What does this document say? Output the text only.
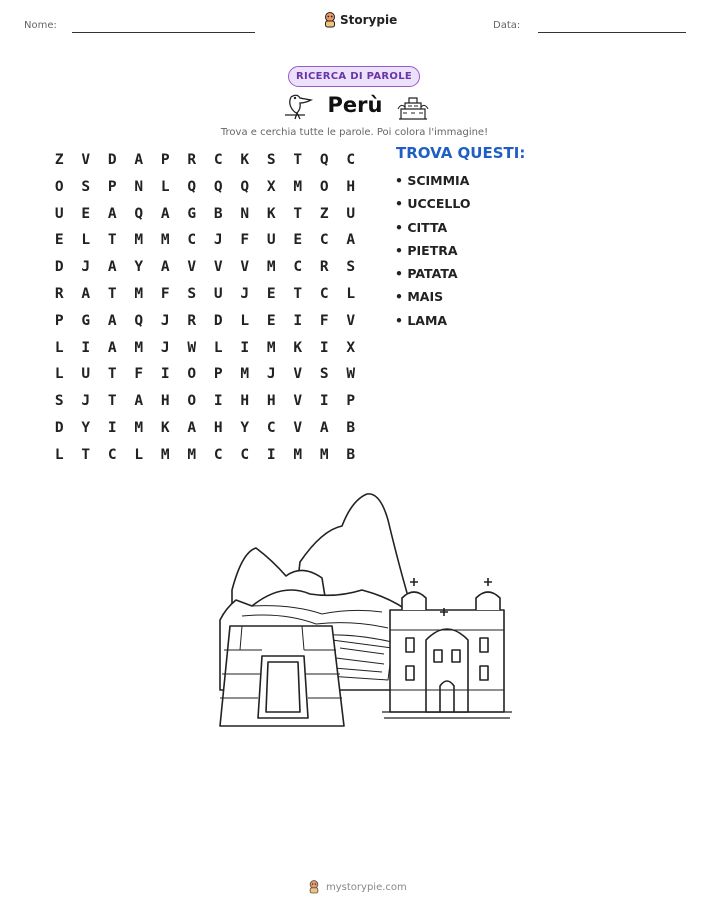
Nome:	Storypie	Data:
RICERCA DI PAROLE
Perù
Trova e cerchia tutte le parole. Poi colora l'immagine!
Z	V	D	A	P	R	C	K	S	T	Q	C
O	S	P	N	L	Q	Q	Q	X	M	O	H
U	E	A	Q	A	G	B	N	K	T	Z	U
E	L	T	M	M	C	J	F	U	E	C	A
D	J	A	Y	A	V	V	V	M	C	R	S
R	A	T	M	F	S	U	J	E	T	C	L
P	G	A	Q	J	R	D	L	E	I	F	V
L	I	A	M	J	W	L	I	M	K	I	X
L	U	T	F	I	O	P	M	J	V	S	W
S	J	T	A	H	O	I	H	H	V	I	P
D	Y	I	M	K	A	H	Y	C	V	A	B
L	T	C	L	M	M	C	C	I	M	M	B
TROVA QUESTI:
• SCIMMIA
• UCCELLO
• CITTA
• PIETRA
• PATATA
• MAIS
• LAMA
mystorypie.com
